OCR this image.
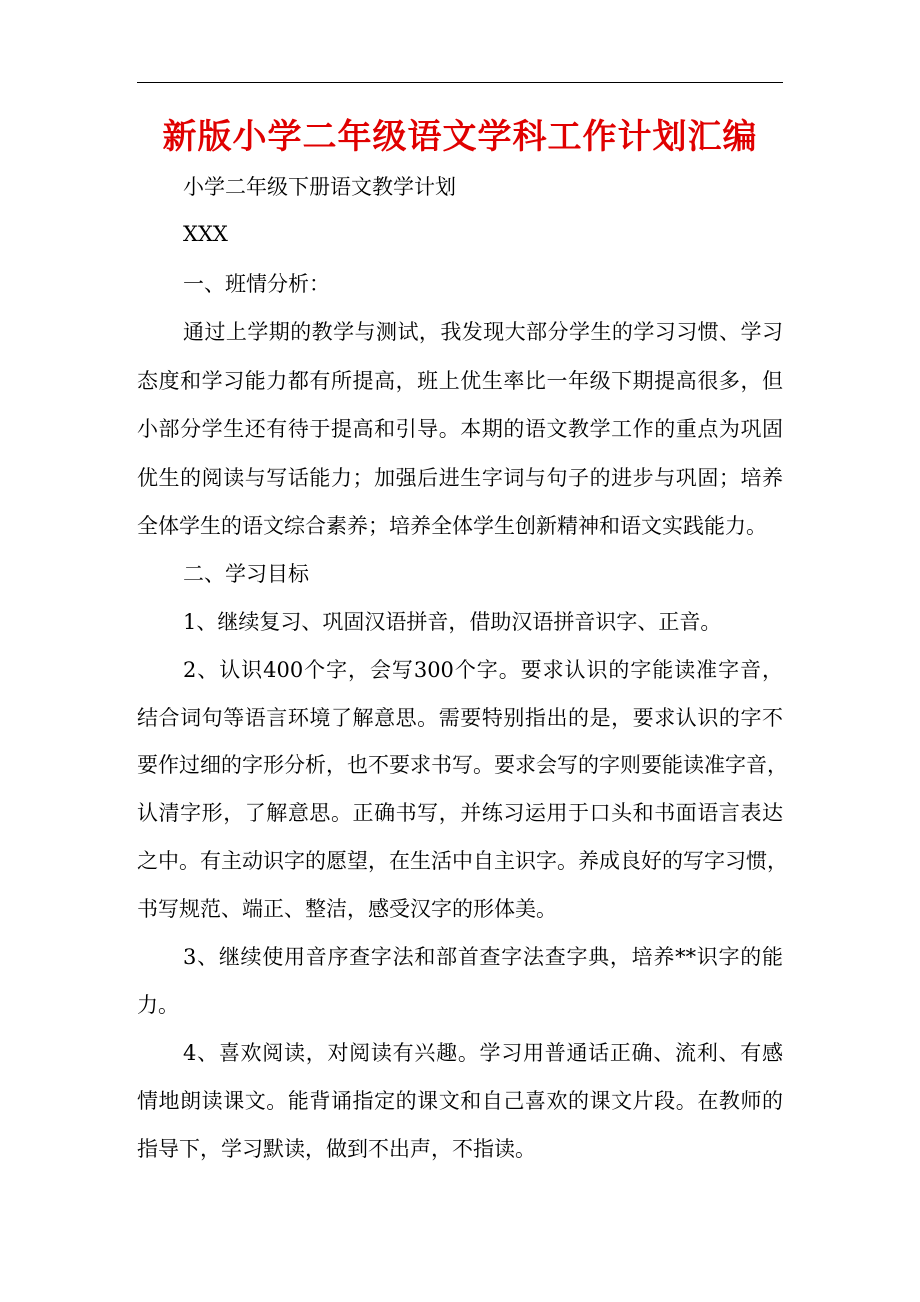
新版小学二年级语文学科工作计划汇编
小学二年级下册语文教学计划
XXX
一、班情分析：
通过上学期的教学与测试，我发现大部分学生的学习习惯、学习
态度和学习能力都有所提高，班上优生率比一年级下期提高很多，但
小部分学生还有待于提高和引导。本期的语文教学工作的重点为巩固
优生的阅读与写话能力；加强后进生字词与句子的进步与巩固；培养
全体学生的语文综合素养；培养全体学生创新精神和语文实践能力。
二、学习目标
1、继续复习、巩固汉语拼音，借助汉语拼音识字、正音。
2、认识400个字，会写300个字。要求认识的字能读准字音，
结合词句等语言环境了解意思。需要特别指出的是，要求认识的字不
要作过细的字形分析，也不要求书写。要求会写的字则要能读准字音，
认清字形，了解意思。正确书写，并练习运用于口头和书面语言表达
之中。有主动识字的愿望，在生活中自主识字。养成良好的写字习惯，
书写规范、端正、整洁，感受汉字的形体美。
3、继续使用音序查字法和部首查字法查字典，培养**识字的能
力。
4、喜欢阅读，对阅读有兴趣。学习用普通话正确、流利、有感
情地朗读课文。能背诵指定的课文和自己喜欢的课文片段。在教师的
指导下，学习默读，做到不出声，不指读。
